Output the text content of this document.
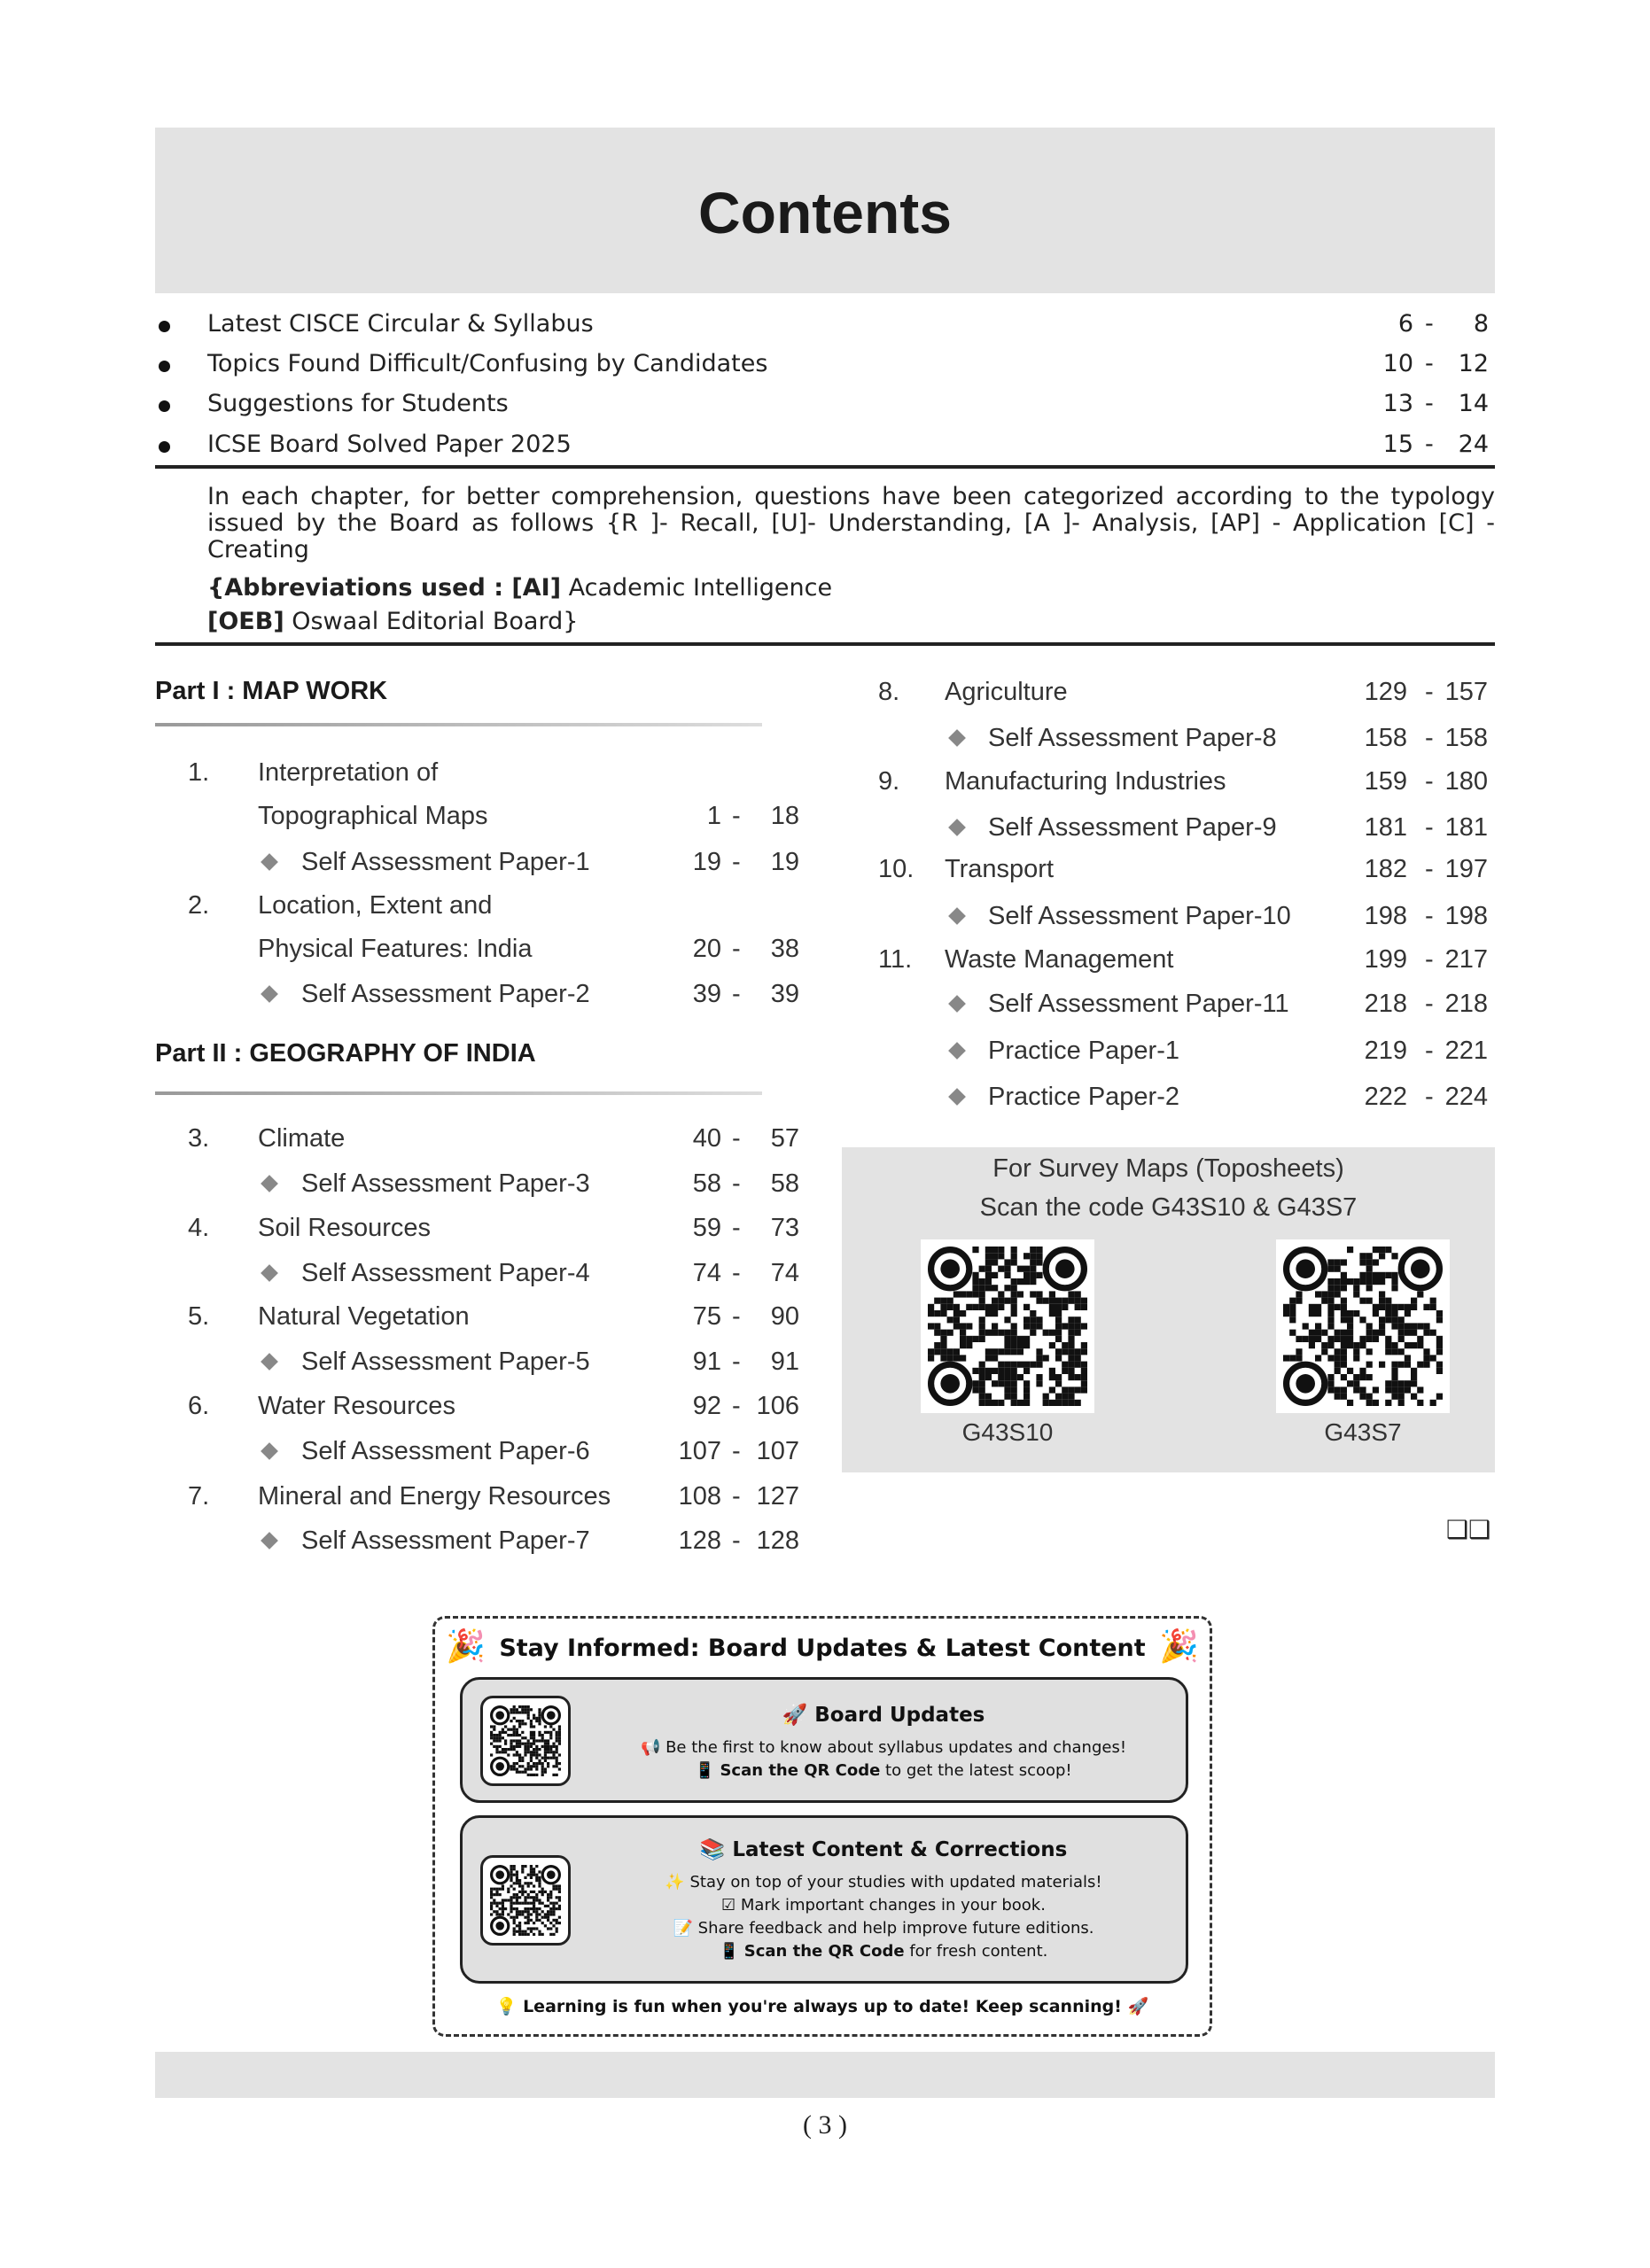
Contents
Latest CISCE Circular & Syllabus	6 -	8
Topics Found Difficult/Confusing by Candidates	10 -	12
Suggestions for Students	13 -	14
ICSE Board Solved Paper 2025	15 -	24
In each chapter, for better comprehension, questions have been categorized according to the typology issued by the Board as follows {R ]- Recall, [U]- Understanding, [A ]- Analysis, [AP] - Application [C] - Creating
{Abbreviations used : [AI] Academic Intelligence
[OEB] Oswaal Editorial Board}
Part I : MAP WORK
Part II : GEOGRAPHY OF INDIA
1. Interpretation of
Topographical Maps	1 -	18
Self Assessment Paper-1	19 -	19
2. Location, Extent and
Physical Features: India	20 -	38
Self Assessment Paper-2	39 -	39
3. Climate	40 -	57
Self Assessment Paper-3	58 -	58
4. Soil Resources	59 -	73
Self Assessment Paper-4	74 -	74
5. Natural Vegetation	75 -	90
Self Assessment Paper-5	91 -	91
6. Water Resources	92 - 106
Self Assessment Paper-6	107 - 107
7. Mineral and Energy Resources	108 - 127
Self Assessment Paper-7	128 - 128
8. Agriculture	129 - 157
Self Assessment Paper-8	158 - 158
9. Manufacturing Industries	159 - 180
Self Assessment Paper-9	181 - 181
10. Transport	182 - 197
Self Assessment Paper-10	198 - 198
11. Waste Management	199 - 217
Self Assessment Paper-11	218 - 218
Practice Paper-1	219 - 221
Practice Paper-2	222 - 224
For Survey Maps (Toposheets)
Scan the code G43S10 & G43S7
G43S10	G43S7
❑❑
🎉	🎉
Stay Informed: Board Updates & Latest Content
🚀 Board Updates
📢 Be the first to know about syllabus updates and changes!
📱 Scan the QR Code to get the latest scoop!
📚 Latest Content & Corrections
✨ Stay on top of your studies with updated materials!
☑ Mark important changes in your book.
📝 Share feedback and help improve future editions.
📱 Scan the QR Code for fresh content.
💡 Learning is fun when you're always up to date! Keep scanning! 🚀
( 3 )
